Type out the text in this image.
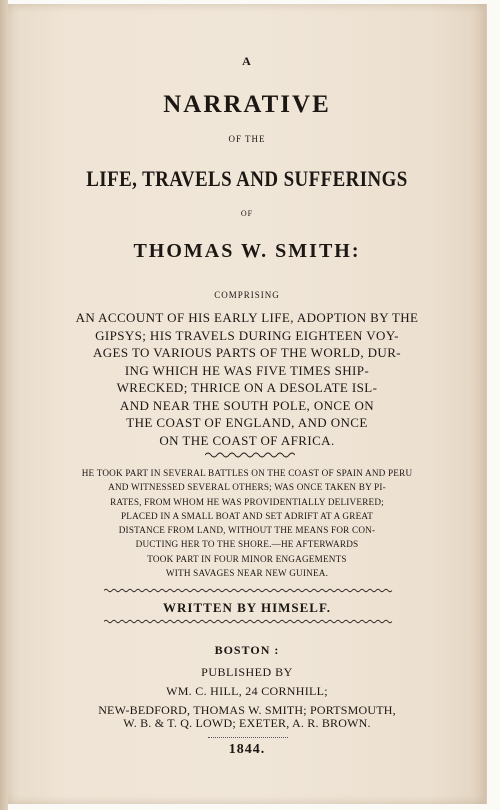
A
NARRATIVE
OF THE
LIFE, TRAVELS AND SUFFERINGS
OF
THOMAS W. SMITH:
COMPRISING
AN ACCOUNT OF HIS EARLY LIFE, ADOPTION BY THE
GIPSYS; HIS TRAVELS DURING EIGHTEEN VOY-
AGES TO VARIOUS PARTS OF THE WORLD, DUR-
ING WHICH HE WAS FIVE TIMES SHIP-
WRECKED; THRICE ON A DESOLATE ISL-
AND NEAR THE SOUTH POLE, ONCE ON
THE COAST OF ENGLAND, AND ONCE
ON THE COAST OF AFRICA.
HE TOOK PART IN SEVERAL BATTLES ON THE COAST OF SPAIN AND PERU
AND WITNESSED SEVERAL OTHERS; WAS ONCE TAKEN BY PI-
RATES, FROM WHOM HE WAS PROVIDENTIALLY DELIVERED;
PLACED IN A SMALL BOAT AND SET ADRIFT AT A GREAT
DISTANCE FROM LAND, WITHOUT THE MEANS FOR CON-
DUCTING HER TO THE SHORE.—HE AFTERWARDS
TOOK PART IN FOUR MINOR ENGAGEMENTS
WITH SAVAGES NEAR NEW GUINEA.
WRITTEN BY HIMSELF.
BOSTON :
PUBLISHED BY
WM. C. HILL, 24 CORNHILL;
NEW-BEDFORD, THOMAS W. SMITH; PORTSMOUTH,
W. B. & T. Q. LOWD; EXETER, A. R. BROWN.
1844.
